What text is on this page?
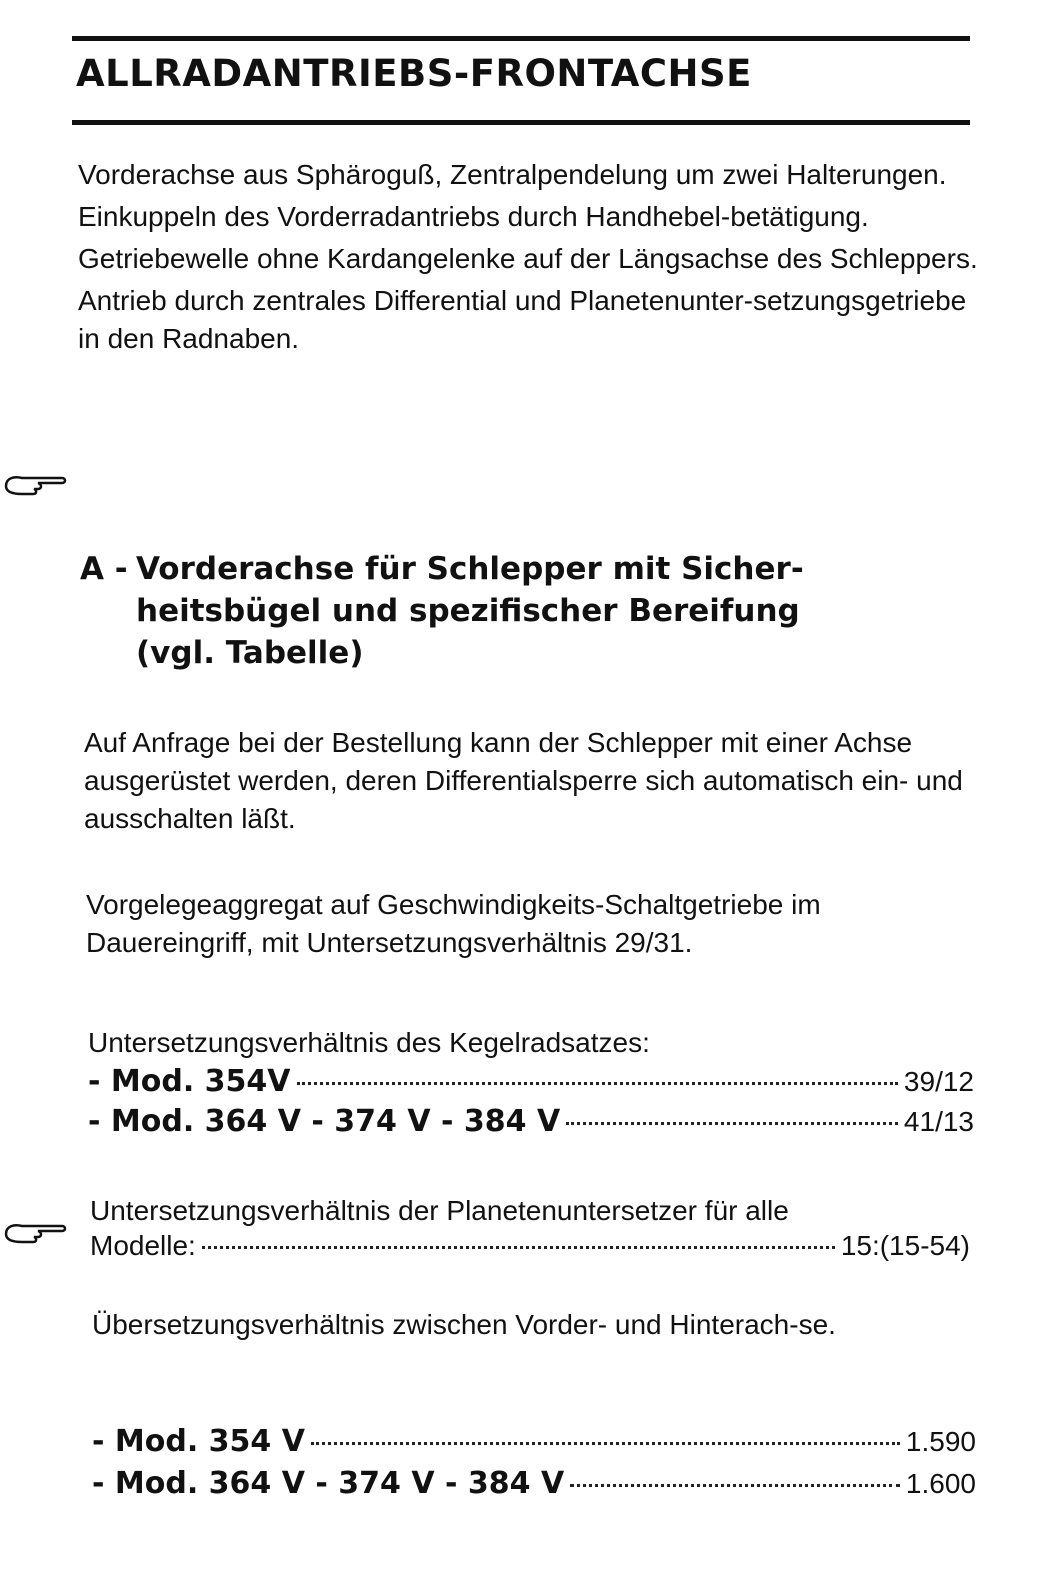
ALLRADANTRIEBS-FRONTACHSE

Vorderachse aus Sphäroguß, Zentralpendelung um zwei Halterungen.

Einkuppeln des Vorderradantriebs durch Handhebel-betätigung.

Getriebewelle ohne Kardangelenke auf der Längsachse des Schleppers.

Antrieb durch zentrales Differential und Planetenunter-setzungsgetriebe in den Radnaben.

A - Vorderachse für Schlepper mit Sicher-
heitsbügel und spezifischer Bereifung
(vgl. Tabelle)
Auf Anfrage bei der Bestellung kann der Schlepper mit einer Achse ausgerüstet werden, deren Differentialsperre sich automatisch ein- und ausschalten läßt.
Vorgelegeaggregat auf Geschwindigkeits-Schaltgetriebe im Dauereingriff, mit Untersetzungsverhältnis 29/31.
Untersetzungsverhältnis des Kegelradsatzes:
- Mod. 354V	39/12
- Mod. 364 V - 374 V - 384 V	41/13
Untersetzungsverhältnis der Planetenuntersetzer für alle
Modelle:	15:(15-54)
Übersetzungsverhältnis zwischen Vorder- und Hinterach-se.
- Mod. 354 V	1.590
- Mod. 364 V - 374 V - 384 V	1.600
